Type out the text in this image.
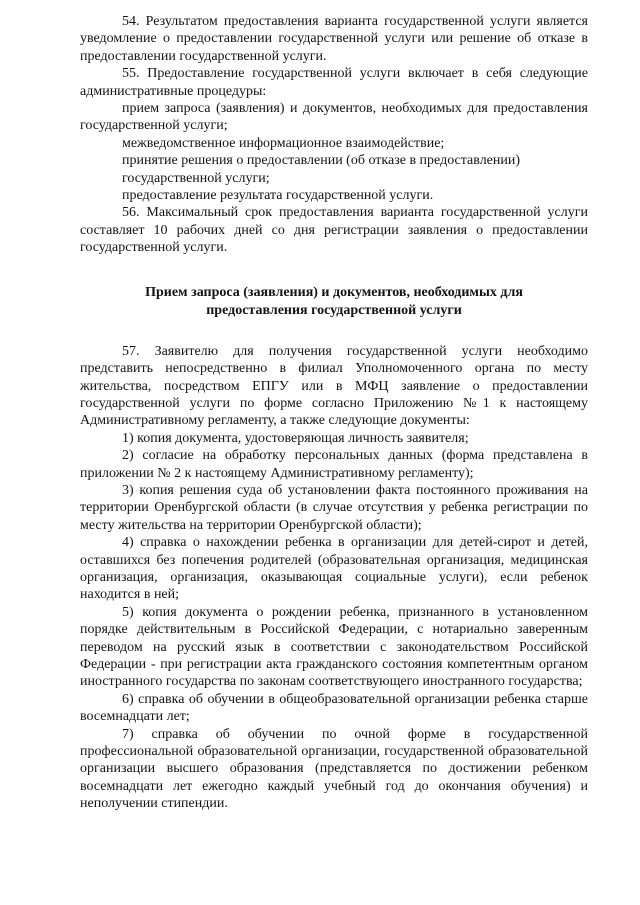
54. Результатом предоставления варианта государственной услуги является уведомление о предоставлении государственной услуги или решение об отказе в предоставлении государственной услуги.

55. Предоставление государственной услуги включает в себя следующие административные процедуры:

прием запроса (заявления) и документов, необходимых для предоставления государственной услуги;

межведомственное информационное взаимодействие;

принятие решения о предоставлении (об отказе в предоставлении) государственной услуги;

предоставление результата государственной услуги.

56. Максимальный срок предоставления варианта государственной услуги составляет 10 рабочих дней со дня регистрации заявления о предоставлении государственной услуги.

Прием запроса (заявления) и документов, необходимых для
предоставления государственной услуги

57. Заявителю для получения государственной услуги необходимо представить непосредственно в филиал Уполномоченного органа по месту жительства, посредством ЕПГУ или в МФЦ заявление о предоставлении государственной услуги по форме согласно Приложению №1 к настоящему Административному регламенту, а также следующие документы:

1) копия документа, удостоверяющая личность заявителя;

2) согласие на обработку персональных данных (форма представлена в приложении № 2 к настоящему Административному регламенту);

3) копия решения суда об установлении факта постоянного проживания на территории Оренбургской области (в случае отсутствия у ребенка регистрации по месту жительства на территории Оренбургской области);

4) справка о нахождении ребенка в организации для детей-сирот и детей, оставшихся без попечения родителей (образовательная организация, медицинская организация, организация, оказывающая социальные услуги), если ребенок находится в ней;

5) копия документа о рождении ребенка, признанного в установленном порядке действительным в Российской Федерации, с нотариально заверенным переводом на русский язык в соответствии с законодательством Российской Федерации - при регистрации акта гражданского состояния компетентным органом иностранного государства по законам соответствующего иностранного государства;

6) справка об обучении в общеобразовательной организации ребенка старше восемнадцати лет;

7) справка об обучении по очной форме в государственной профессиональной образовательной организации, государственной образовательной организации высшего образования (представляется по достижении ребенком восемнадцати лет ежегодно каждый учебный год до окончания обучения) и неполучении стипендии.
